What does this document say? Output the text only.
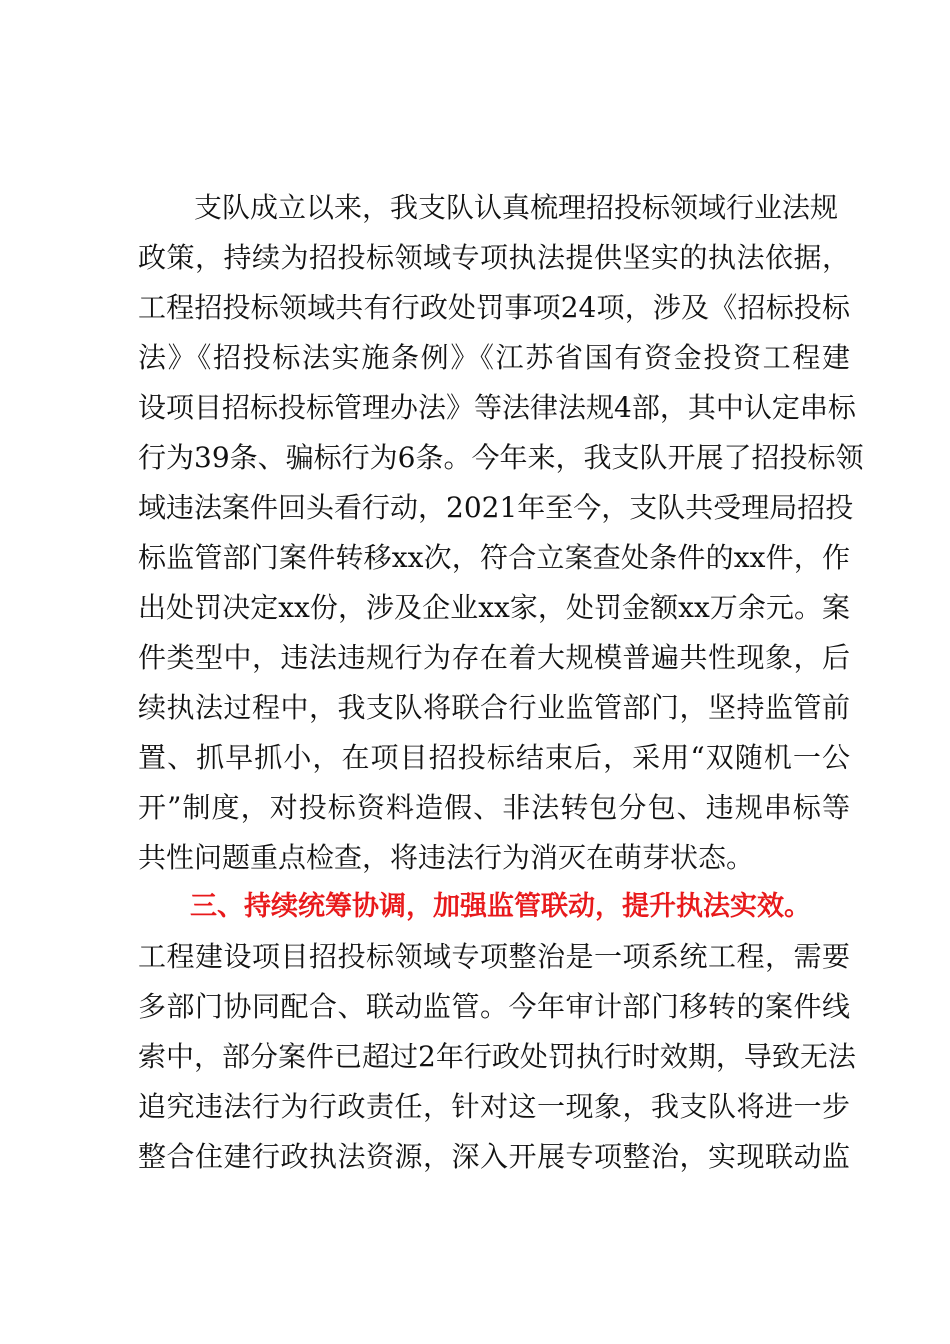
支队成立以来，我支队认真梳理招投标领域行业法规
政策，持续为招投标领域专项执法提供坚实的执法依据，
工程招投标领域共有行政处罚事项24项，涉及《招标投标
法》《招投标法实施条例》《江苏省国有资金投资工程建
设项目招标投标管理办法》等法律法规4部，其中认定串标
行为39条、骗标行为6条。今年来，我支队开展了招投标领
域违法案件回头看行动，2021年至今，支队共受理局招投
标监管部门案件转移xx次，符合立案查处条件的xx件，作
出处罚决定xx份，涉及企业xx家，处罚金额xx万余元。案
件类型中，违法违规行为存在着大规模普遍共性现象，后
续执法过程中，我支队将联合行业监管部门，坚持监管前
置、抓早抓小，在项目招投标结束后，采用“双随机一公
开”制度，对投标资料造假、非法转包分包、违规串标等
共性问题重点检查，将违法行为消灭在萌芽状态。
三、持续统筹协调，加强监管联动，提升执法实效。
工程建设项目招投标领域专项整治是一项系统工程，需要
多部门协同配合、联动监管。今年审计部门移转的案件线
索中，部分案件已超过2年行政处罚执行时效期，导致无法
追究违法行为行政责任，针对这一现象，我支队将进一步
整合住建行政执法资源，深入开展专项整治，实现联动监
